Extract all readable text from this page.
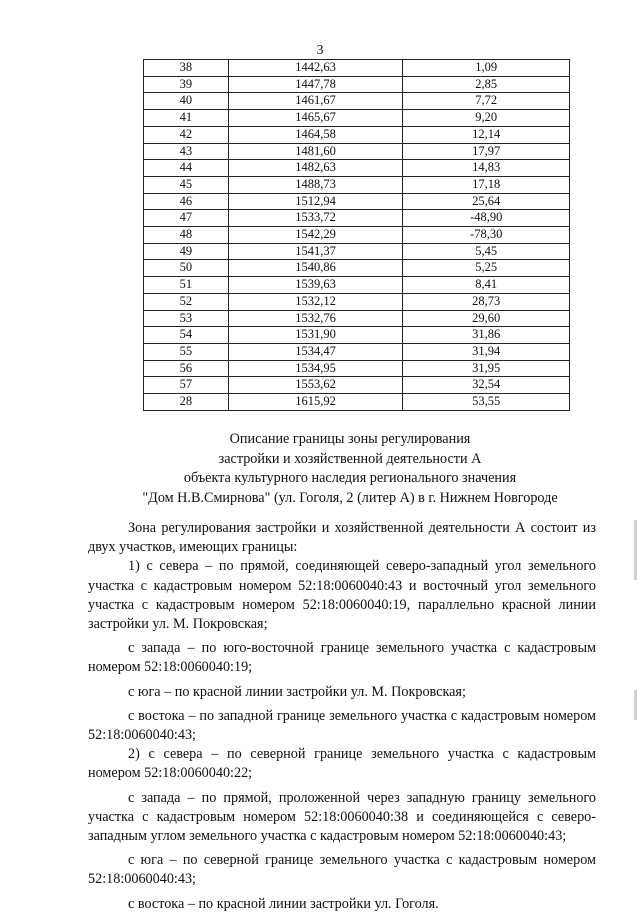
3
38	1442,63	1,09
39	1447,78	2,85
40	1461,67	7,72
41	1465,67	9,20
42	1464,58	12,14
43	1481,60	17,97
44	1482,63	14,83
45	1488,73	17,18
46	1512,94	25,64
47	1533,72	-48,90
48	1542,29	-78,30
49	1541,37	5,45
50	1540,86	5,25
51	1539,63	8,41
52	1532,12	28,73
53	1532,76	29,60
54	1531,90	31,86
55	1534,47	31,94
56	1534,95	31,95
57	1553,62	32,54
28	1615,92	53,55
Описание границы зоны регулирования
застройки и хозяйственной деятельности А
объекта культурного наследия регионального значения
"Дом Н.В.Смирнова" (ул. Гоголя, 2 (литер А) в г. Нижнем Новгороде

Зона регулирования застройки и хозяйственной деятельности А состоит из двух участков, имеющих границы:

1) с севера – по прямой, соединяющей северо-западный угол земельного участка с кадастровым номером 52:18:0060040:43 и восточный угол земельного участка с кадастровым номером 52:18:0060040:19, параллельно красной линии застройки ул. М. Покровская;

с запада – по юго-восточной границе земельного участка с кадастровым номером 52:18:0060040:19;

с юга – по красной линии застройки ул. М. Покровская;

с востока – по западной границе земельного участка с кадастровым номером 52:18:0060040:43;

2) с севера – по северной границе земельного участка с кадастровым номером 52:18:0060040:22;

с запада – по прямой, проложенной через западную границу земельного участка с кадастровым номером 52:18:0060040:38 и соединяющейся с северо-западным углом земельного участка с кадастровым номером 52:18:0060040:43;

с юга – по северной границе земельного участка с кадастровым номером 52:18:0060040:43;

с востока – по красной линии застройки ул. Гоголя.
